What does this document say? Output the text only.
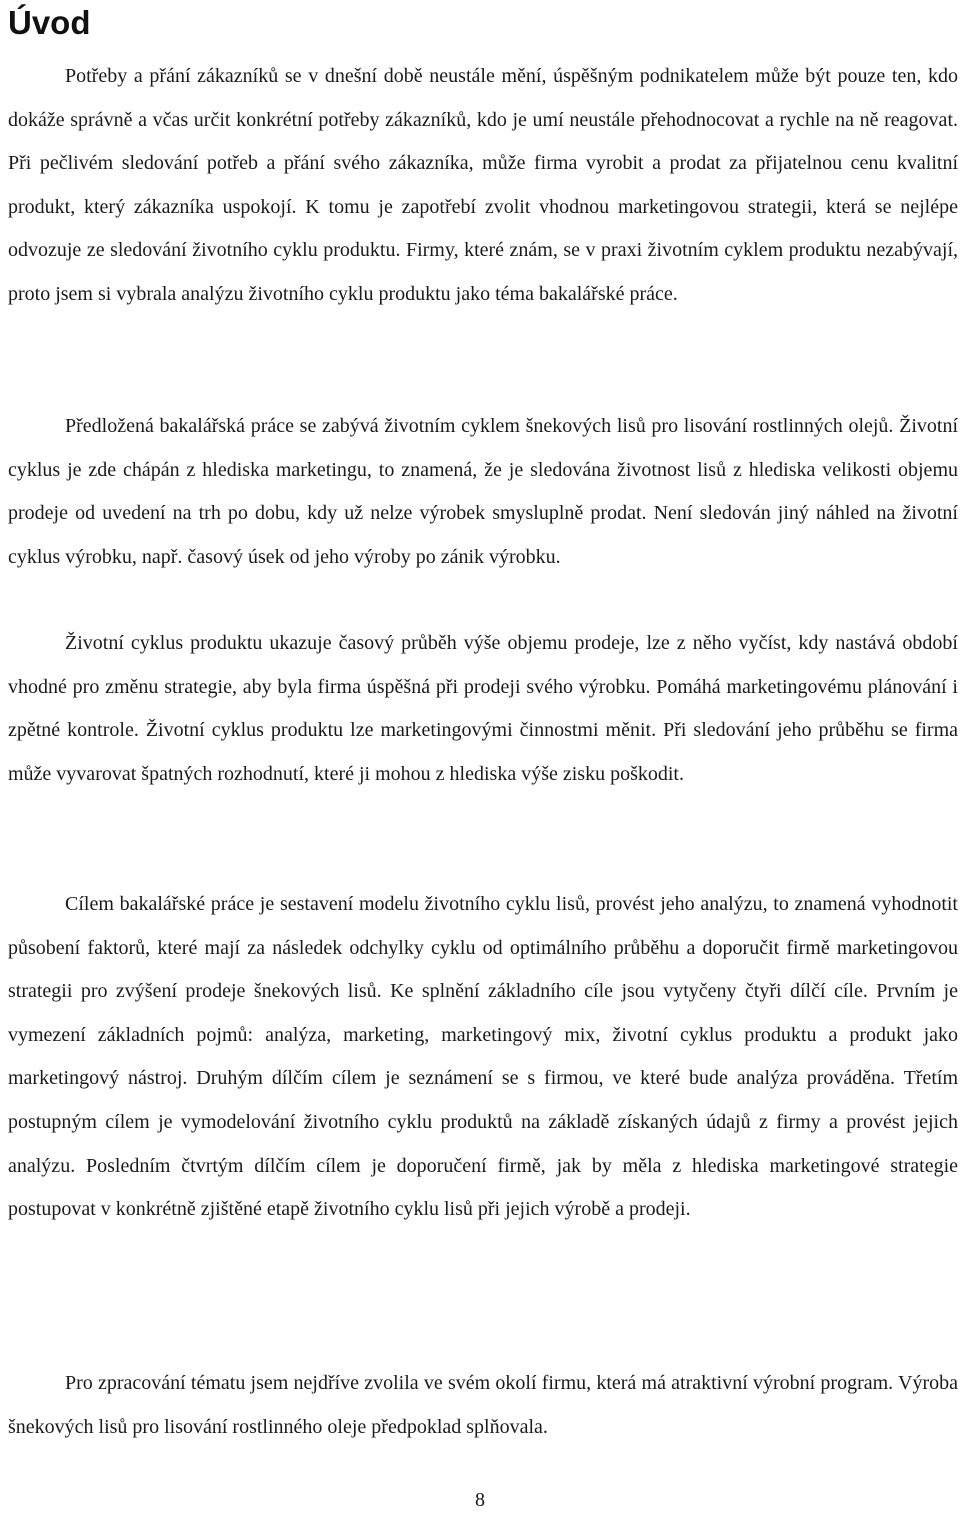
Úvod

Potřeby a přání zákazníků se v dnešní době neustále mění, úspěšným podnikatelem může být pouze ten, kdo dokáže správně a včas určit konkrétní potřeby zákazníků, kdo je umí neustále přehodnocovat a rychle na ně reagovat. Při pečlivém sledování potřeb a přání svého zákazníka, může firma vyrobit a prodat za přijatelnou cenu kvalitní produkt, který zákazníka uspokojí. K tomu je zapotřebí zvolit vhodnou marketingovou strategii, která se nejlépe odvozuje ze sledování životního cyklu produktu. Firmy, které znám, se v praxi životním cyklem produktu nezabývají, proto jsem si vybrala analýzu životního cyklu produktu jako téma bakalářské práce.

Předložená bakalářská práce se zabývá životním cyklem šnekových lisů pro lisování rostlinných olejů. Životní cyklus je zde chápán z hlediska marketingu, to znamená, že je sledována životnost lisů z hlediska velikosti objemu prodeje od uvedení na trh po dobu, kdy už nelze výrobek smysluplně prodat. Není sledován jiný náhled na životní cyklus výrobku, např. časový úsek od jeho výroby po zánik výrobku.

Životní cyklus produktu ukazuje časový průběh výše objemu prodeje, lze z něho vyčíst, kdy nastává období vhodné pro změnu strategie, aby byla firma úspěšná při prodeji svého výrobku. Pomáhá marketingovému plánování i zpětné kontrole. Životní cyklus produktu lze marketingovými činnostmi měnit. Při sledování jeho průběhu se firma může vyvarovat špatných rozhodnutí, které ji mohou z hlediska výše zisku poškodit.

Cílem bakalářské práce je sestavení modelu životního cyklu lisů, provést jeho analýzu, to znamená vyhodnotit působení faktorů, které mají za následek odchylky cyklu od optimálního průběhu a doporučit firmě marketingovou strategii pro zvýšení prodeje šnekových lisů. Ke splnění základního cíle jsou vytyčeny čtyři dílčí cíle. Prvním je vymezení základních pojmů: analýza, marketing, marketingový mix, životní cyklus produktu a produkt jako marketingový nástroj. Druhým dílčím cílem je seznámení se s firmou, ve které bude analýza prováděna. Třetím postupným cílem je vymodelování životního cyklu produktů na základě získaných údajů z firmy a provést jejich analýzu. Posledním čtvrtým dílčím cílem je doporučení firmě, jak by měla z hlediska marketingové strategie postupovat v konkrétně zjištěné etapě životního cyklu lisů při jejich výrobě a prodeji.

Pro zpracování tématu jsem nejdříve zvolila ve svém okolí firmu, která má atraktivní výrobní program. Výroba šnekových lisů pro lisování rostlinného oleje předpoklad splňovala.

8
